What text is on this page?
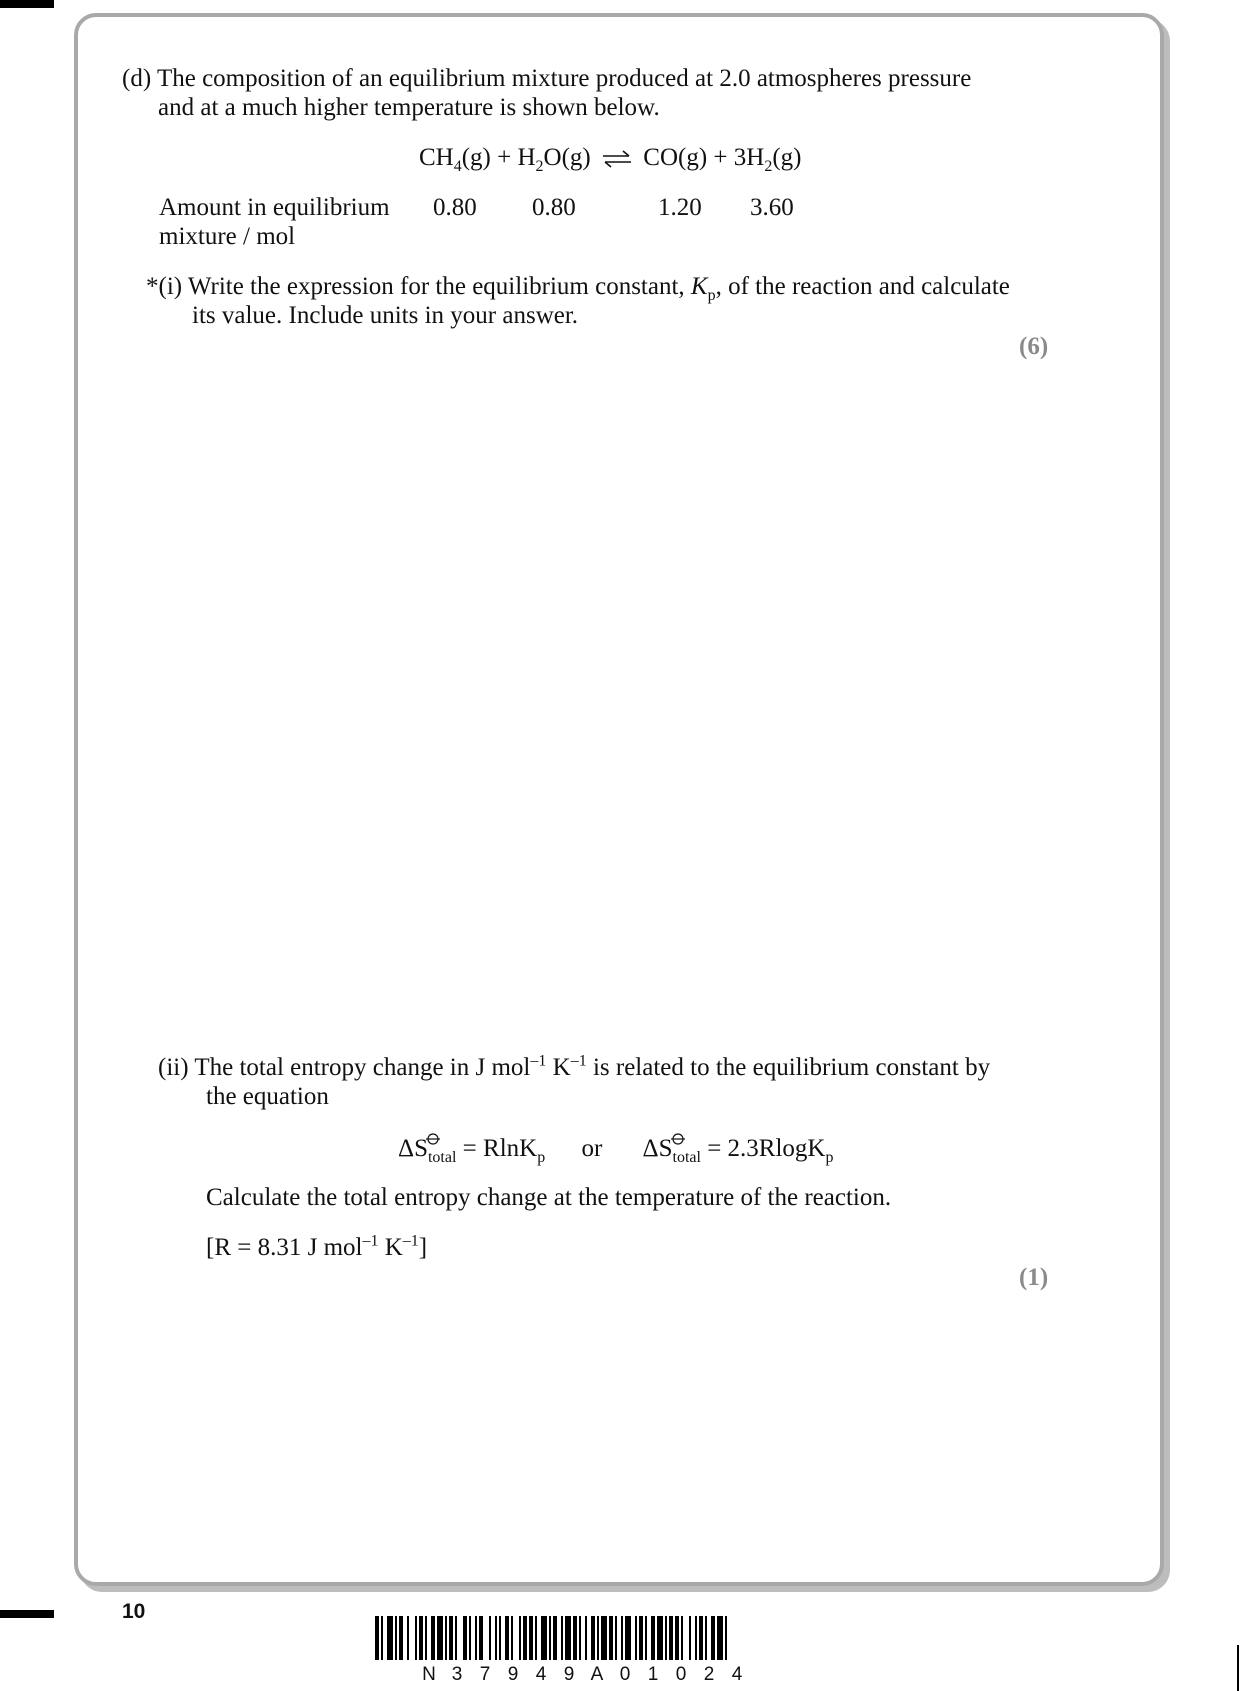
(d) The composition of an equilibrium mixture produced at 2.0 atmospheres pressure
and at a much higher temperature is shown below.
$CH_4(g) + H_2O(g)$ ⇌ $CO(g) + 3H_2(g)$
Amount in equilibrium
mixture / mol
0.80 0.80	1.20 3.60
*(i) Write the expression for the equilibrium constant, $K_p$, of the reaction and calculate
its value. Include units in your answer.
(6)
(ii) The total entropy change in J mol$^{-1}$ $K^{-1}$ is related to the equilibrium constant by
the equation
ΔS
$_{total}$ = RlnK$_p$ or ΔS
$_{total}$ = 2.3RlogK$_p$
Calculate the total entropy change at the temperature of the reaction.
[R = 8.31 J mol$^{-1}$ $K^{-1}$]
(1)
10
N 3 7 9 4 9 A 0 1 0 2 4
